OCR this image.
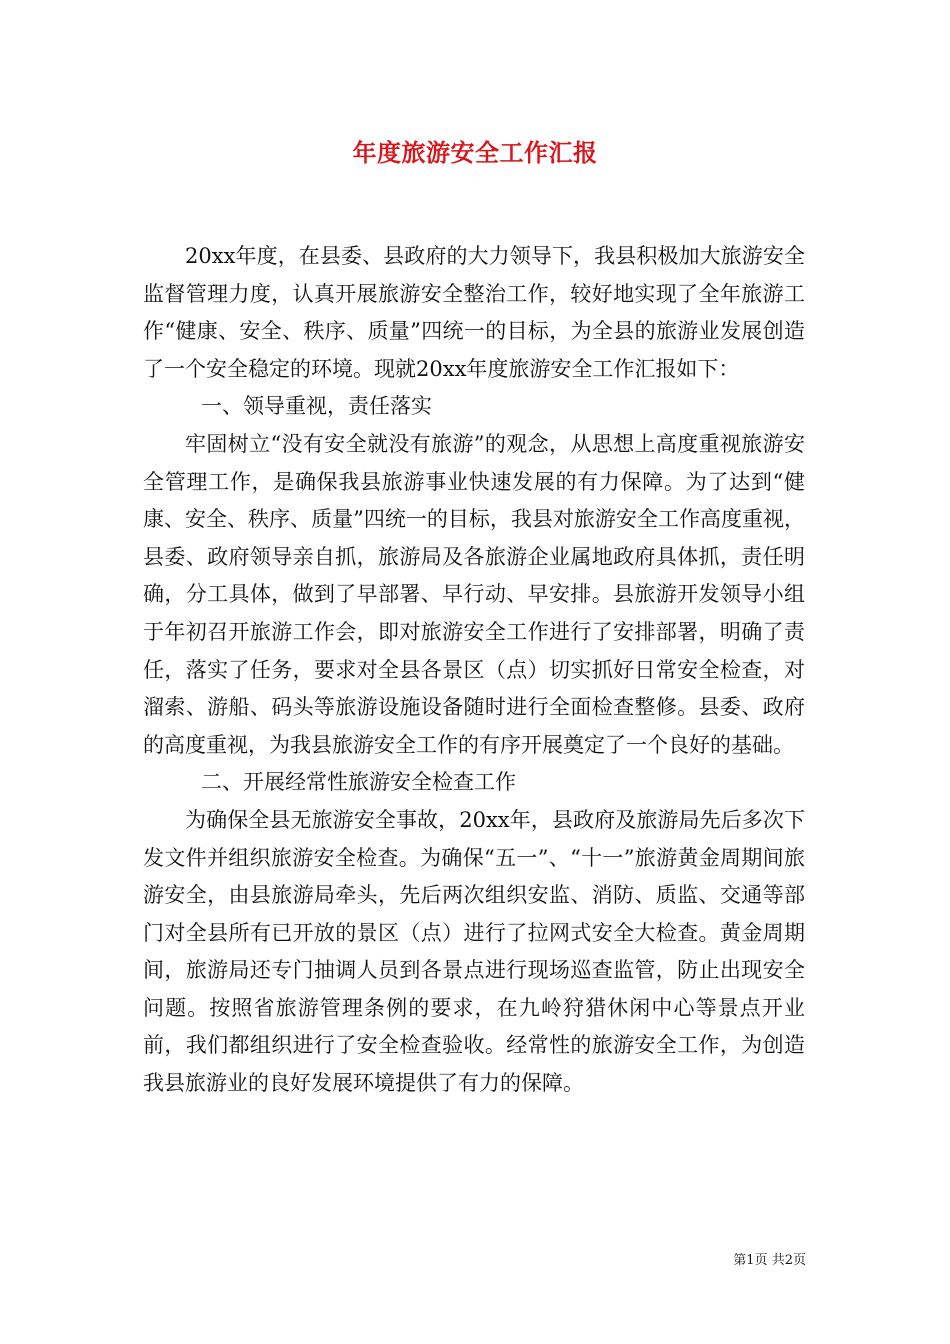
年度旅游安全工作汇报

20xx年度，在县委、县政府的大力领导下，我县积极加大旅游安全监督管理力度，认真开展旅游安全整治工作，较好地实现了全年旅游工作“健康、安全、秩序、质量”四统一的目标，为全县的旅游业发展创造了一个安全稳定的环境。现就20xx年度旅游安全工作汇报如下：

一、领导重视，责任落实

牢固树立“没有安全就没有旅游”的观念，从思想上高度重视旅游安全管理工作，是确保我县旅游事业快速发展的有力保障。为了达到“健康、安全、秩序、质量”四统一的目标，我县对旅游安全工作高度重视，县委、政府领导亲自抓，旅游局及各旅游企业属地政府具体抓，责任明确，分工具体，做到了早部署、早行动、早安排。县旅游开发领导小组于年初召开旅游工作会，即对旅游安全工作进行了安排部署，明确了责任，落实了任务，要求对全县各景区（点）切实抓好日常安全检查，对溜索、游船、码头等旅游设施设备随时进行全面检查整修。县委、政府的高度重视，为我县旅游安全工作的有序开展奠定了一个良好的基础。

二、开展经常性旅游安全检查工作

为确保全县无旅游安全事故，20xx年，县政府及旅游局先后多次下发文件并组织旅游安全检查。为确保“五一”、“十一”旅游黄金周期间旅游安全，由县旅游局牵头，先后两次组织安监、消防、质监、交通等部门对全县所有已开放的景区（点）进行了拉网式安全大检查。黄金周期间，旅游局还专门抽调人员到各景点进行现场巡查监管，防止出现安全问题。按照省旅游管理条例的要求，在九岭狩猎休闲中心等景点开业前，我们都组织进行了安全检查验收。经常性的旅游安全工作，为创造我县旅游业的良好发展环境提供了有力的保障。

第1页 共2页
